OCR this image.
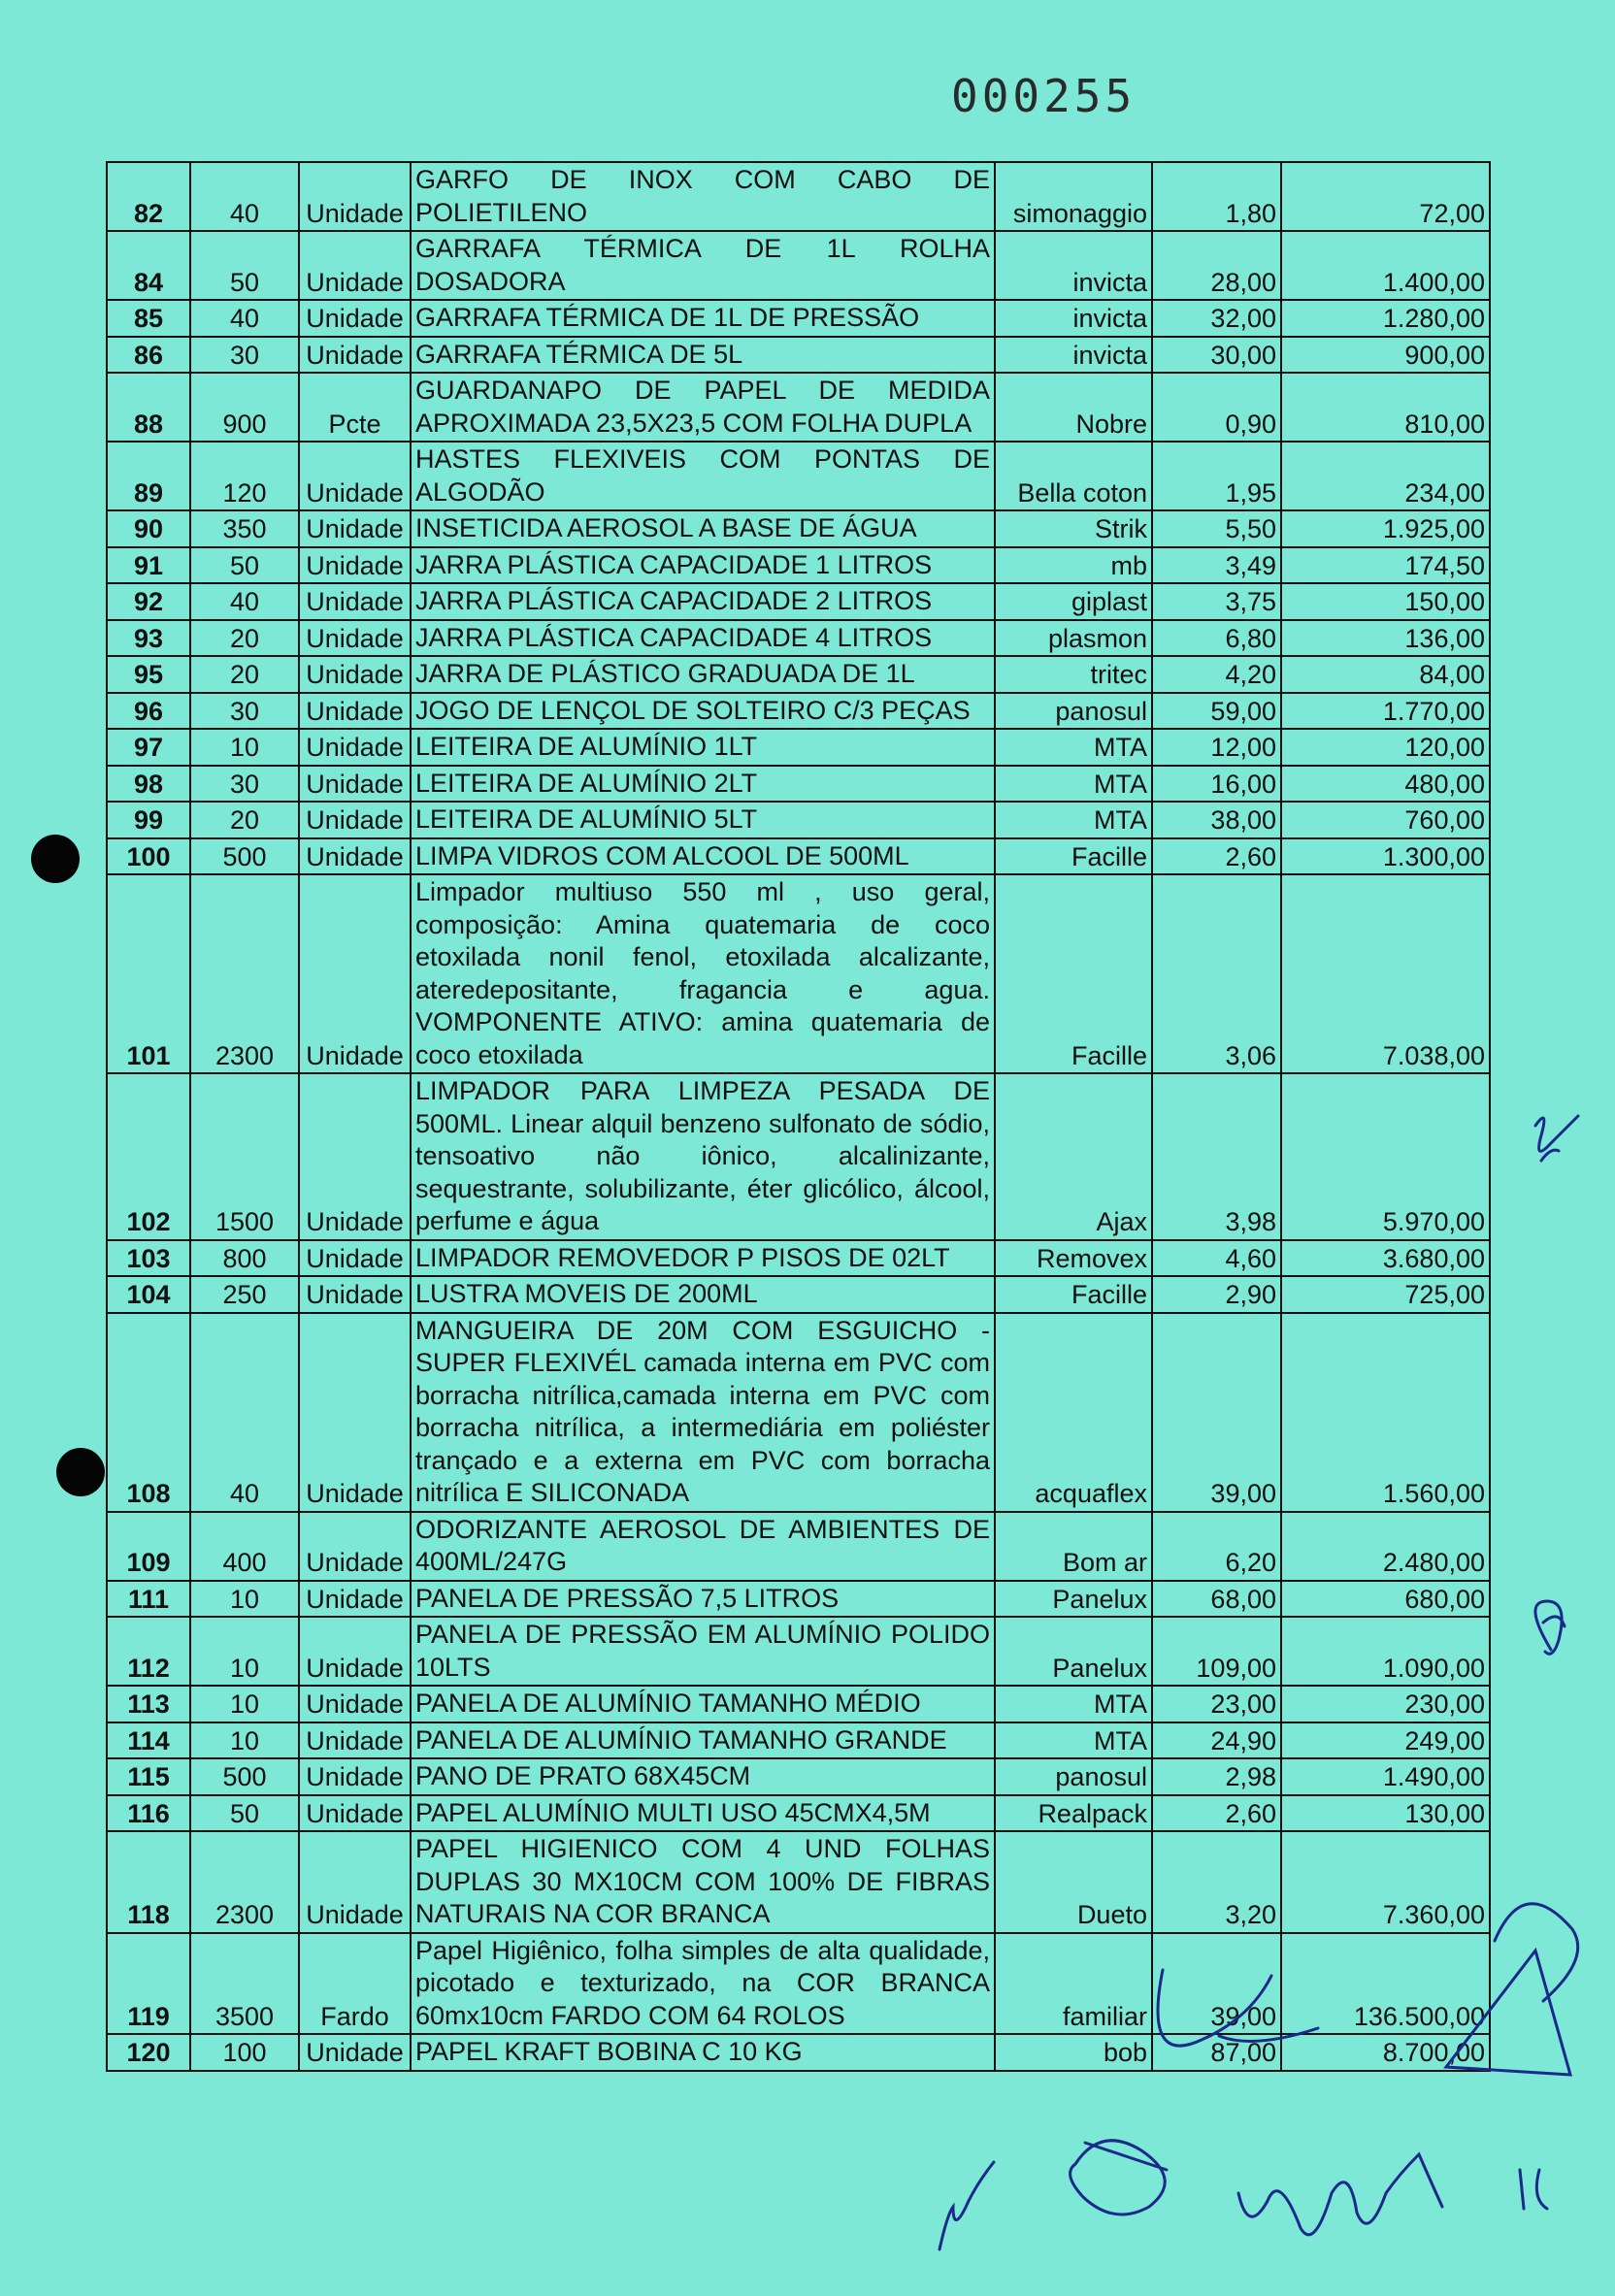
000255
82	40	Unidade	GARFO DE INOX COM CABO DE POLIETILENO	simonaggio	1,80	72,00
84	50	Unidade	GARRAFA TÉRMICA DE 1L ROLHA DOSADORA	invicta	28,00	1.400,00
85	40	Unidade	GARRAFA TÉRMICA DE 1L DE PRESSÃO	invicta	32,00	1.280,00
86	30	Unidade	GARRAFA TÉRMICA DE 5L	invicta	30,00	900,00
88	900	Pcte	GUARDANAPO DE PAPEL DE MEDIDA APROXIMADA 23,5X23,5 COM FOLHA DUPLA	Nobre	0,90	810,00
89	120	Unidade	HASTES FLEXIVEIS COM PONTAS DE ALGODÃO	Bella coton	1,95	234,00
90	350	Unidade	INSETICIDA AEROSOL A BASE DE ÁGUA	Strik	5,50	1.925,00
91	50	Unidade	JARRA PLÁSTICA CAPACIDADE 1 LITROS	mb	3,49	174,50
92	40	Unidade	JARRA PLÁSTICA CAPACIDADE 2 LITROS	giplast	3,75	150,00
93	20	Unidade	JARRA PLÁSTICA CAPACIDADE 4 LITROS	plasmon	6,80	136,00
95	20	Unidade	JARRA DE PLÁSTICO GRADUADA DE 1L	tritec	4,20	84,00
96	30	Unidade	JOGO DE LENÇOL DE SOLTEIRO C/3 PEÇAS	panosul	59,00	1.770,00
97	10	Unidade	LEITEIRA DE ALUMÍNIO 1LT	MTA	12,00	120,00
98	30	Unidade	LEITEIRA DE ALUMÍNIO 2LT	MTA	16,00	480,00
99	20	Unidade	LEITEIRA DE ALUMÍNIO 5LT	MTA	38,00	760,00
100	500	Unidade	LIMPA VIDROS COM ALCOOL DE 500ML	Facille	2,60	1.300,00
101	2300	Unidade	Limpador multiuso 550 ml , uso geral, composição: Amina quatemaria de coco etoxilada nonil fenol, etoxilada alcalizante, ateredepositante, fragancia e agua. VOMPONENTE ATIVO: amina quatemaria de coco etoxilada	Facille	3,06	7.038,00
102	1500	Unidade	LIMPADOR PARA LIMPEZA PESADA DE 500ML. Linear alquil benzeno sulfonato de sódio, tensoativo não iônico, alcalinizante, sequestrante, solubilizante, éter glicólico, álcool, perfume e água	Ajax	3,98	5.970,00
103	800	Unidade	LIMPADOR REMOVEDOR P PISOS DE 02LT	Removex	4,60	3.680,00
104	250	Unidade	LUSTRA MOVEIS DE 200ML	Facille	2,90	725,00
108	40	Unidade	MANGUEIRA DE 20M COM ESGUICHO - SUPER FLEXIVÉL camada interna em PVC com borracha nitrílica,camada interna em PVC com borracha nitrílica, a intermediária em poliéster trançado e a externa em PVC com borracha nitrílica E SILICONADA	acquaflex	39,00	1.560,00
109	400	Unidade	ODORIZANTE AEROSOL DE AMBIENTES DE 400ML/247G	Bom ar	6,20	2.480,00
111	10	Unidade	PANELA DE PRESSÃO 7,5 LITROS	Panelux	68,00	680,00
112	10	Unidade	PANELA DE PRESSÃO EM ALUMÍNIO POLIDO 10LTS	Panelux	109,00	1.090,00
113	10	Unidade	PANELA DE ALUMÍNIO TAMANHO MÉDIO	MTA	23,00	230,00
114	10	Unidade	PANELA DE ALUMÍNIO TAMANHO GRANDE	MTA	24,90	249,00
115	500	Unidade	PANO DE PRATO 68X45CM	panosul	2,98	1.490,00
116	50	Unidade	PAPEL ALUMÍNIO MULTI USO 45CMX4,5M	Realpack	2,60	130,00
118	2300	Unidade	PAPEL HIGIENICO COM 4 UND FOLHAS DUPLAS 30 MX10CM COM 100% DE FIBRAS NATURAIS NA COR BRANCA	Dueto	3,20	7.360,00
119	3500	Fardo	Papel Higiênico, folha simples de alta qualidade, picotado e texturizado, na COR BRANCA 60mx10cm FARDO COM 64 ROLOS	familiar	39,00	136.500,00
120	100	Unidade	PAPEL KRAFT BOBINA C 10 KG	bob	87,00	8.700,00
